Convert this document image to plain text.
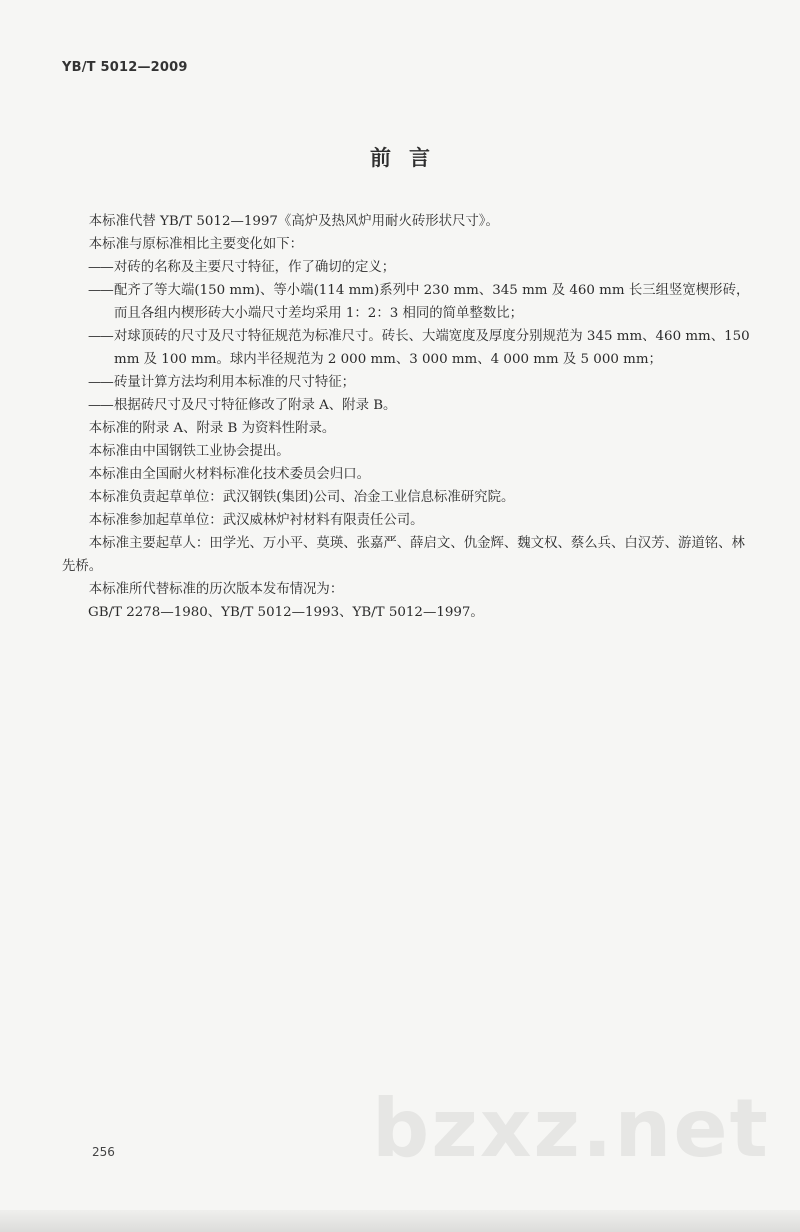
YB/T 5012—2009
前言

本标准代替 YB/T 5012—1997《高炉及热风炉用耐火砖形状尺寸》。

本标准与原标准相比主要变化如下：

——对砖的名称及主要尺寸特征，作了确切的定义；

—— 配齐了等大端(150 mm)、等小端(114 mm)系列中 230 mm、345 mm 及 460 mm 长三组竖宽楔形砖，而且各组内楔形砖大小端尺寸差均采用 1：2：3 相同的简单整数比；

—— 对球顶砖的尺寸及尺寸特征规范为标准尺寸。砖长、大端宽度及厚度分别规范为 345 mm、460 mm、150 mm 及 100 mm。球内半径规范为 2 000 mm、3 000 mm、4 000 mm 及 5 000 mm；

——砖量计算方法均利用本标准的尺寸特征；

——根据砖尺寸及尺寸特征修改了附录 A、附录 B。

本标准的附录 A、附录 B 为资料性附录。

本标准由中国钢铁工业协会提出。

本标准由全国耐火材料标准化技术委员会归口。

本标准负责起草单位：武汉钢铁(集团)公司、冶金工业信息标准研究院。

本标准参加起草单位：武汉威林炉衬材料有限责任公司。

本标准主要起草人：田学光、万小平、莫瑛、张嘉严、薛启文、仇金辉、魏文权、蔡么兵、白汉芳、游道铭、林先桥。

本标准所代替标准的历次版本发布情况为：

GB/T 2278—1980、YB/T 5012—1993、YB/T 5012—1997。

bzxz.net
256
